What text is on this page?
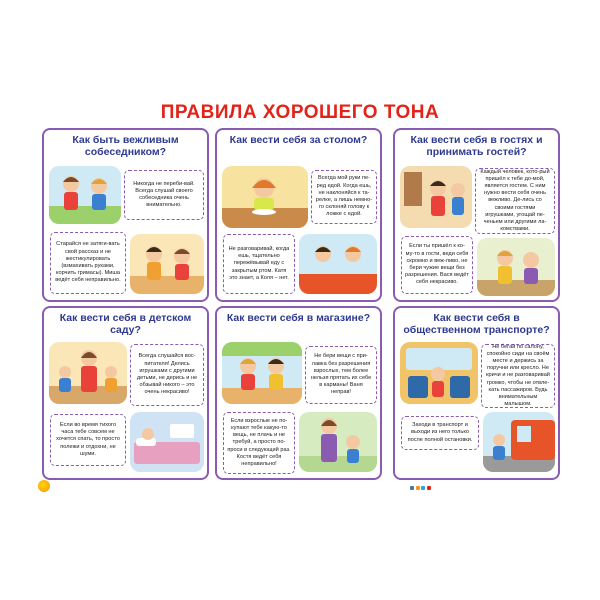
ПРАВИЛА ХОРОШЕГО ТОНА
Как быть вежливым собеседником?
Никогда не переби-вай. Всегда слушай своего собеседника очень внимательно.
Старайся не затяги-вать свой рассказ и не жестикулировать (взмахивать руками, корчить гримасы). Миша ведёт себя неправильно.
Как вести себя за столом?
Всегда мой руки пе-ред едой. Когда ешь, не наклоняйся к та-релке, а лишь немно-го склоняй голову к ложке с едой.
Не разговаривай, когда ешь, тщательно пережёвывай еду с закрытым ртом. Катя это знает, а Коля – нет.
Как вести себя в гостях и принимать гостей?
Каждый человек, кото-рый пришёл к тебе до-мой, является гостем. С ним нужно вести себя очень вежливо. Де-лись со своими гостями игрушками, угощай пе-ченьем или другими ла-комствами.
Если ты пришёл к ко-му-то в гости, веди себя скромно и веж-ливо, не бери чужие вещи без разрешения. Вася ведёт себя некрасиво.
Как вести себя в детском саду?
Всегда слушайся вос-питателя! Делись игрушками с другими детьми, не дерись и не обзывай никого – это очень некрасиво!
Если во время тихого часа тебе совсем не хочется спать, то просто полежи и отдохни, не шуми.
Как вести себя в магазине?
Не бери вещи с при-лавка без разрешения взрослых, тем более нельзя прятать их себе в карманы! Ваня неправ!
Если взрослые не по-купают тебе какую-то вещь, не плачь и не требуй, а просто по-проси в следующий раз. Костя ведёт себя неправильно!
Как вести себя в общественном транспорте?
Не бегай по салону, спокойно сиди на своём месте и держись за поручни или кресло. Не кричи и не разговаривай громко, чтобы не отвле-кать пассажиров. Будь внимательным малышом.
Заходи в транспорт и выходи из него только после полной остановки.
